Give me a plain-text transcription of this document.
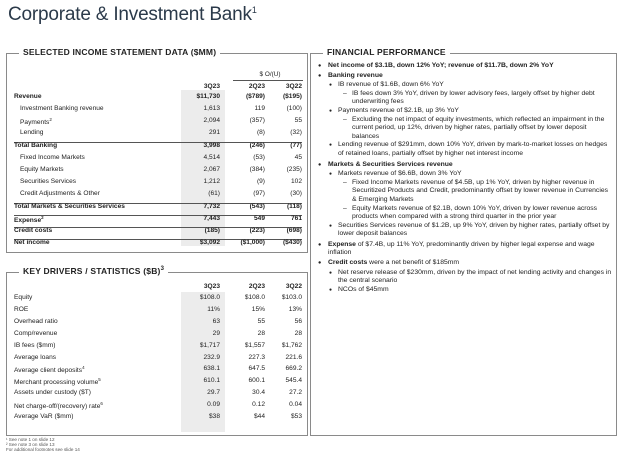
Corporate & Investment Bank$^1$
SELECTED INCOME STATEMENT DATA ($MM)
$ O/(U)
3Q23	2Q23	3Q22
Revenue	$11,730	($789)	($195)
Investment Banking revenue	1,613	119	(100)
Payments$^2$	2,094	(357)	55
Lending	291	(8)	(32)
Total Banking	3,998	(246)	(77)
Fixed Income Markets	4,514	(53)	45
Equity Markets	2,067	(384)	(235)
Securities Services	1,212	(9)	102
Credit Adjustments & Other	(61)	(97)	(30)
Total Markets & Securities Services	7,732	(543)	(118)
Expense$^2$	7,443	549	761
Credit costs	(185)	(223)	(698)
Net income	$3,092	($1,000)	($430)
KEY DRIVERS / STATISTICS ($B)$^3$
3Q23	2Q23	3Q22
Equity	$108.0	$108.0	$103.0
ROE	11%	15%	13%
Overhead ratio	63	55	56
Comp/revenue	29	28	28
IB fees ($mm)	$1,717	$1,557	$1,762
Average loans	232.9	227.3	221.6
Average client deposits$^4$	638.1	647.5	669.2
Merchant processing volume$^5$	610.1	600.1	545.4
Assets under custody ($T)	29.7	30.4	27.2
Net charge-off/(recovery) rate$^6$	0.09	0.12	0.04
Average VaR ($mm)	$38	$44	$53
FINANCIAL PERFORMANCE
● Net income of $3.1B, down 12% YoY; revenue of $11.7B, down 2% YoY
● Banking revenue
● IB revenue of $1.6B, down 6% YoY
– IB fees down 3% YoY, driven by lower advisory fees, largely offset by higher debt underwriting fees
● Payments revenue of $2.1B, up 3% YoY
– Excluding the net impact of equity investments, which reflected an impairment in the current period, up 12%, driven by higher rates, partially offset by lower deposit balances
● Lending revenue of $291mm, down 10% YoY, driven by mark-to-market losses on hedges of retained loans, partially offset by higher net interest income
● Markets & Securities Services revenue
● Markets revenue of $6.6B, down 3% YoY
– Fixed Income Markets revenue of $4.5B, up 1% YoY, driven by higher revenue in Securitized Products and Credit, predominantly offset by lower revenue in Currencies & Emerging Markets
– Equity Markets revenue of $2.1B, down 10% YoY, driven by lower revenue across products when compared with a strong third quarter in the prior year
● Securities Services revenue of $1.2B, up 9% YoY, driven by higher rates, partially offset by lower deposit balances
● Expense of $7.4B, up 11% YoY, predominantly driven by higher legal expense and wage inflation
● Credit costs were a net benefit of $185mm
● Net reserve release of $230mm, driven by the impact of net lending activity and changes in the central scenario
● NCOs of $45mm
¹ See note 1 on slide 12
² See note 3 on slide 13
For additional footnotes see slide 14
